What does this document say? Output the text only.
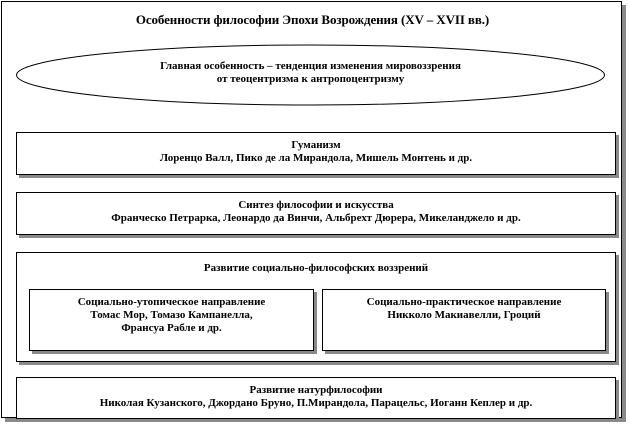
Особенности философии Эпохи Возрождения (XV – XVII вв.)
Главная особенность – тенденция изменения мировоззрения
от теоцентризма к антропоцентризму
Гуманизм
Лоренцо Валл, Пико де ла Мирандола, Мишель Монтень и др.
Синтез философии и искусства
Франческо Петрарка, Леонардо да Винчи, Альбрехт Дюрера, Микеланджело и др.
Развитие социально-философских воззрений
Социально-утопическое направление
Томас Мор, Томазо Кампанелла,
Франсуа Рабле и др.
Социально-практическое направление
Никколо Макиавелли, Гроций
Развитие натурфилософии
Николая Кузанского, Джордано Бруно, П.Мирандола, Парацельс, Иоганн Кеплер и др.
